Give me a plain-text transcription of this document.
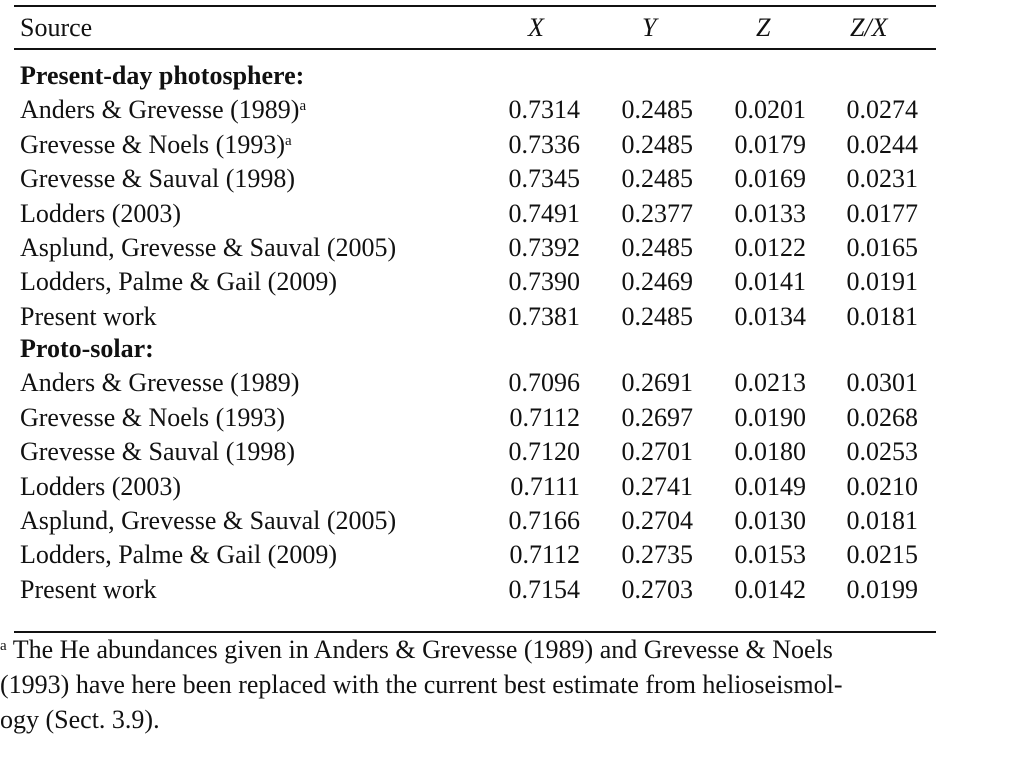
Source	X	Y	Z	Z/X
Present-day photosphere:
Anders & Grevesse $(1989)^a$	0.7314	0.2485	0.0201	0.0274
Grevesse & Noels $(1993)^a$	0.7336	0.2485	0.0179	0.0244
Grevesse & Sauval (1998)	0.7345	0.2485	0.0169	0.0231
Lodders (2003)	0.7491	0.2377	0.0133	0.0177
Asplund, Grevesse & Sauval (2005)	0.7392	0.2485	0.0122	0.0165
Lodders, Palme & Gail (2009)	0.7390	0.2469	0.0141	0.0191
Present work	0.7381	0.2485	0.0134	0.0181
Proto-solar:
Anders & Grevesse (1989)	0.7096	0.2691	0.0213	0.0301
Grevesse & Noels (1993)	0.7112	0.2697	0.0190	0.0268
Grevesse & Sauval (1998)	0.7120	0.2701	0.0180	0.0253
Lodders (2003)	0.7111	0.2741	0.0149	0.0210
Asplund, Grevesse & Sauval (2005)	0.7166	0.2704	0.0130	0.0181
Lodders, Palme & Gail (2009)	0.7112	0.2735	0.0153	0.0215
Present work	0.7154	0.2703	0.0142	0.0199
$^a$ The He abundances given in Anders & Grevesse (1989) and Grevesse & Noels
(1993) have here been replaced with the current best estimate from helioseismol-
ogy (Sect. 3.9).
